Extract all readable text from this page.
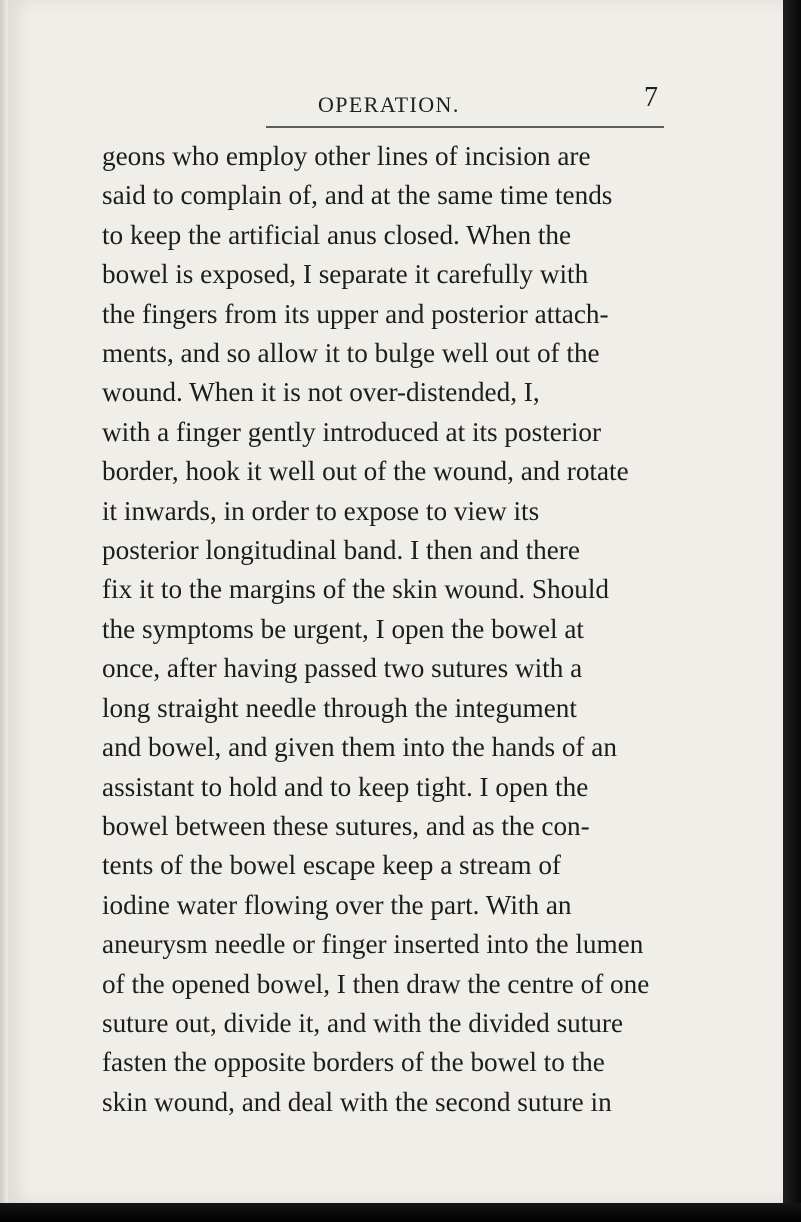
OPERATION.	7
geons who employ other lines of incision are
said to complain of, and at the same time tends
to keep the artificial anus closed. When the
bowel is exposed, I separate it carefully with
the fingers from its upper and posterior attach-
ments, and so allow it to bulge well out of the
wound. When it is not over-distended, I,
with a finger gently introduced at its posterior
border, hook it well out of the wound, and rotate
it inwards, in order to expose to view its
posterior longitudinal band. I then and there
fix it to the margins of the skin wound. Should
the symptoms be urgent, I open the bowel at
once, after having passed two sutures with a
long straight needle through the integument
and bowel, and given them into the hands of an
assistant to hold and to keep tight. I open the
bowel between these sutures, and as the con-
tents of the bowel escape keep a stream of
iodine water flowing over the part. With an
aneurysm needle or finger inserted into the lumen
of the opened bowel, I then draw the centre of one
suture out, divide it, and with the divided suture
fasten the opposite borders of the bowel to the
skin wound, and deal with the second suture in
